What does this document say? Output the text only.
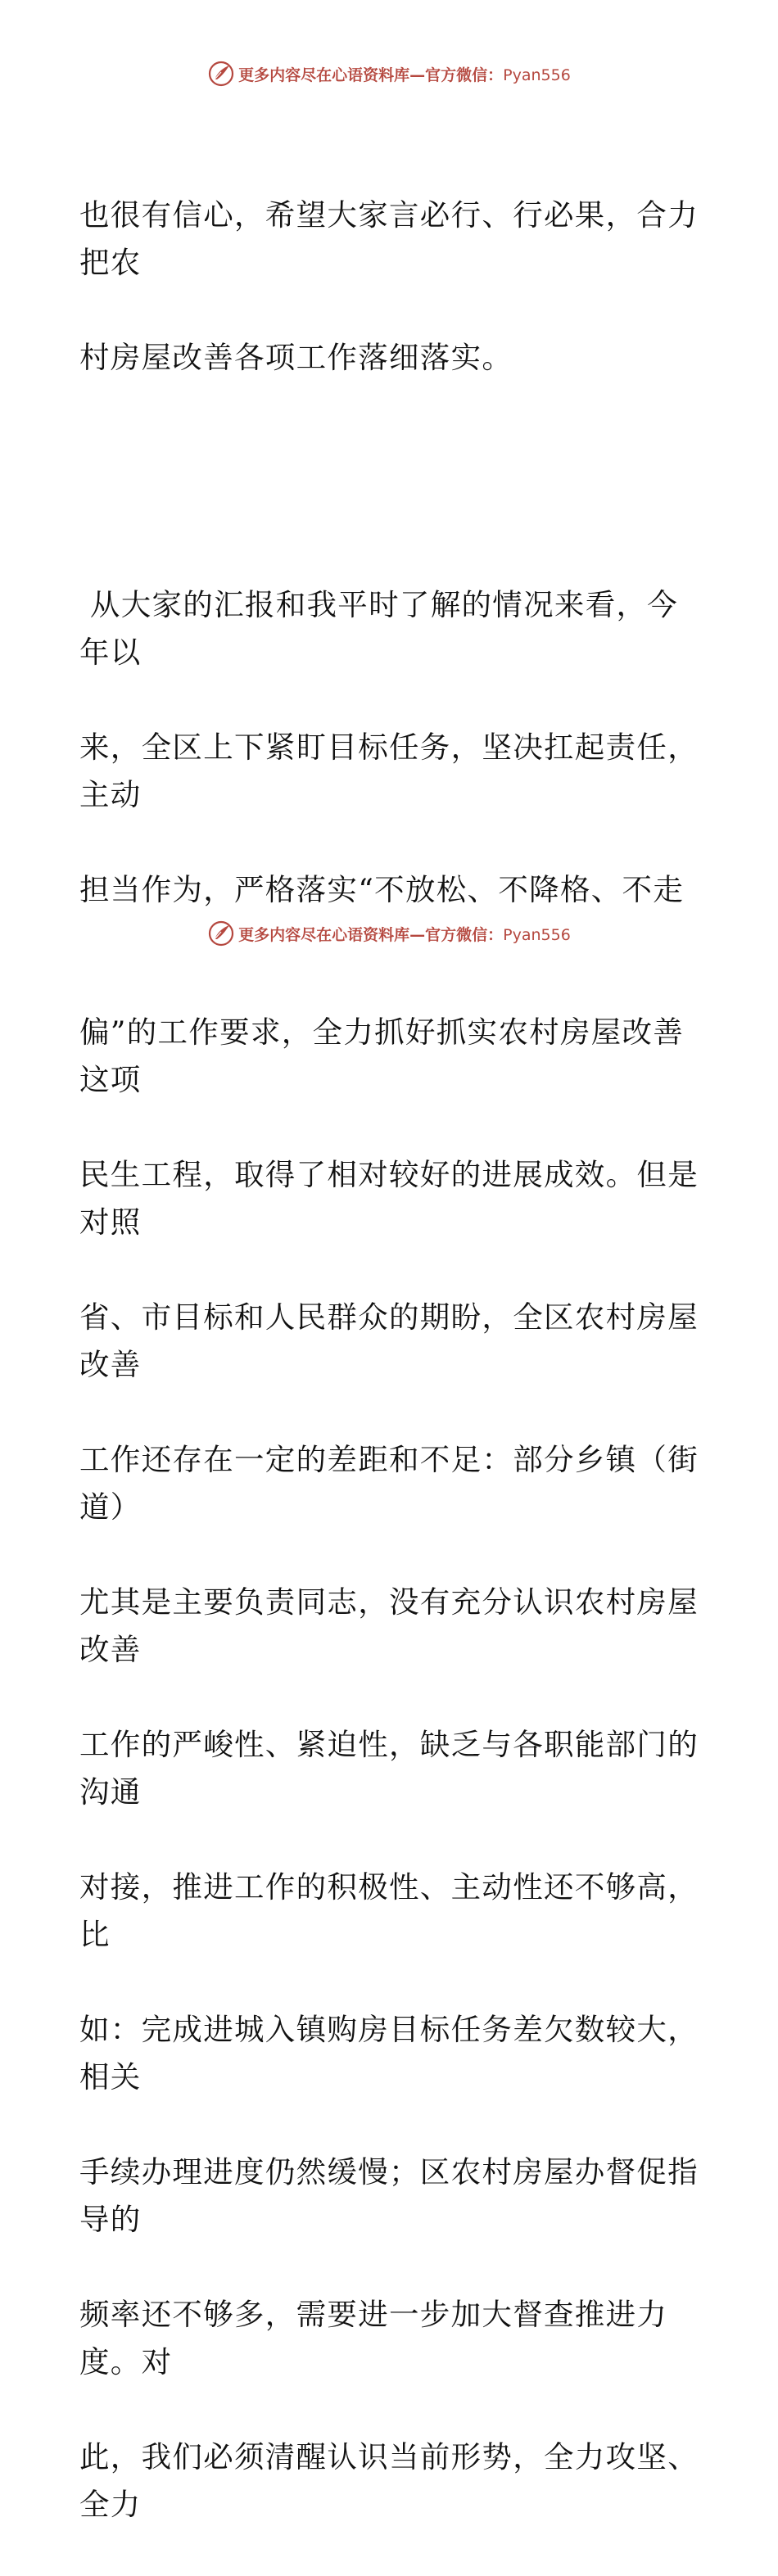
更多内容尽在心语资料库—官方微信：Pyan556

也很有信心，希望大家言必行、行必果，合力把农

村房屋改善各项工作落细落实。

从大家的汇报和我平时了解的情况来看，今年以

来，全区上下紧盯目标任务，坚决扛起责任，主动

担当作为，严格落实“不放松、不降格、不走

偏”的工作要求，全力抓好抓实农村房屋改善这项

民生工程，取得了相对较好的进展成效。但是对照

省、市目标和人民群众的期盼，全区农村房屋改善

工作还存在一定的差距和不足：部分乡镇（街道）

尤其是主要负责同志，没有充分认识农村房屋改善

工作的严峻性、紧迫性，缺乏与各职能部门的沟通

对接，推进工作的积极性、主动性还不够高，比

如：完成进城入镇购房目标任务差欠数较大，相关

手续办理进度仍然缓慢；区农村房屋办督促指导的

频率还不够多，需要进一步加大督查推进力度。对

此，我们必须清醒认识当前形势，全力攻坚、全力

更多内容尽在心语资料库—官方微信：Pyan556
